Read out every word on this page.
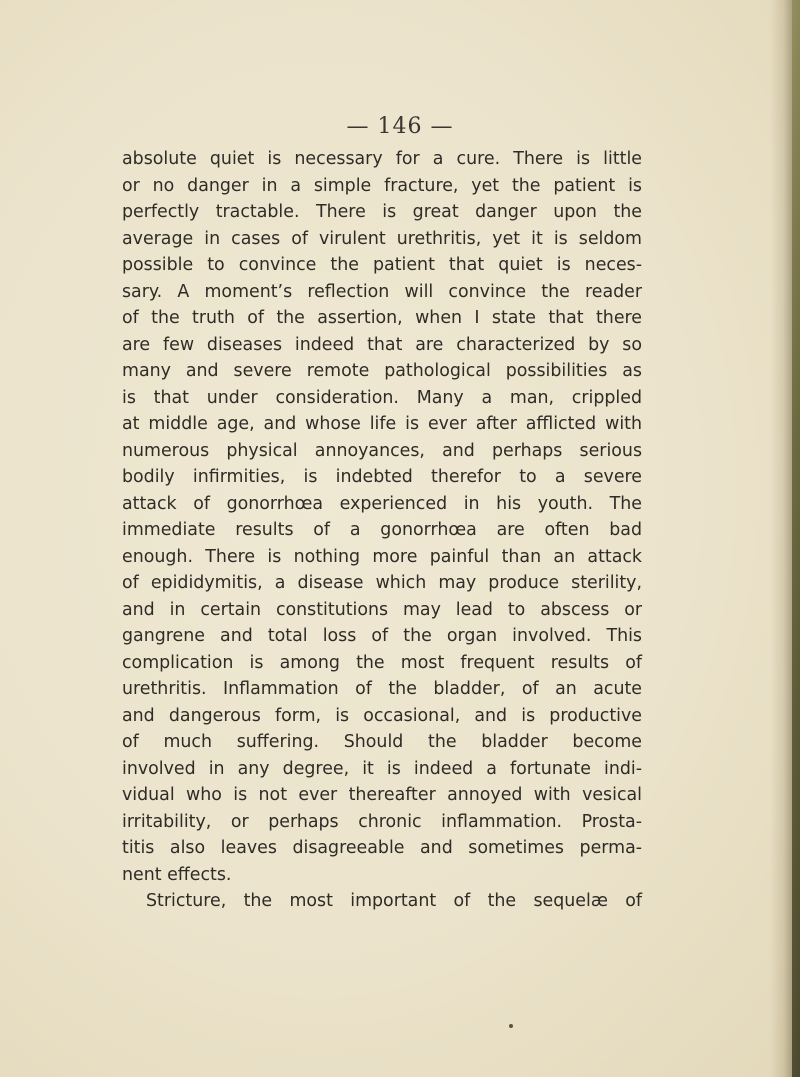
— 146 —
absolute quiet is necessary for a cure. There is little
or no danger in a simple fracture, yet the patient is
perfectly tractable. There is great danger upon the
average in cases of virulent urethritis, yet it is seldom
possible to convince the patient that quiet is neces-
sary. A moment’s reflection will convince the reader
of the truth of the assertion, when I state that there
are few diseases indeed that are characterized by so
many and severe remote pathological possibilities as
is that under consideration. Many a man, crippled
at middle age, and whose life is ever after afflicted with
numerous physical annoyances, and perhaps serious
bodily infirmities, is indebted therefor to a severe
attack of gonorrhœa experienced in his youth. The
immediate results of a gonorrhœa are often bad
enough. There is nothing more painful than an attack
of epididymitis, a disease which may produce sterility,
and in certain constitutions may lead to abscess or
gangrene and total loss of the organ involved. This
complication is among the most frequent results of
urethritis. Inflammation of the bladder, of an acute
and dangerous form, is occasional, and is productive
of much suffering. Should the bladder become
involved in any degree, it is indeed a fortunate indi-
vidual who is not ever thereafter annoyed with vesical
irritability, or perhaps chronic inflammation. Prosta-
titis also leaves disagreeable and sometimes perma-
nent effects.
Stricture, the most important of the sequelæ of
